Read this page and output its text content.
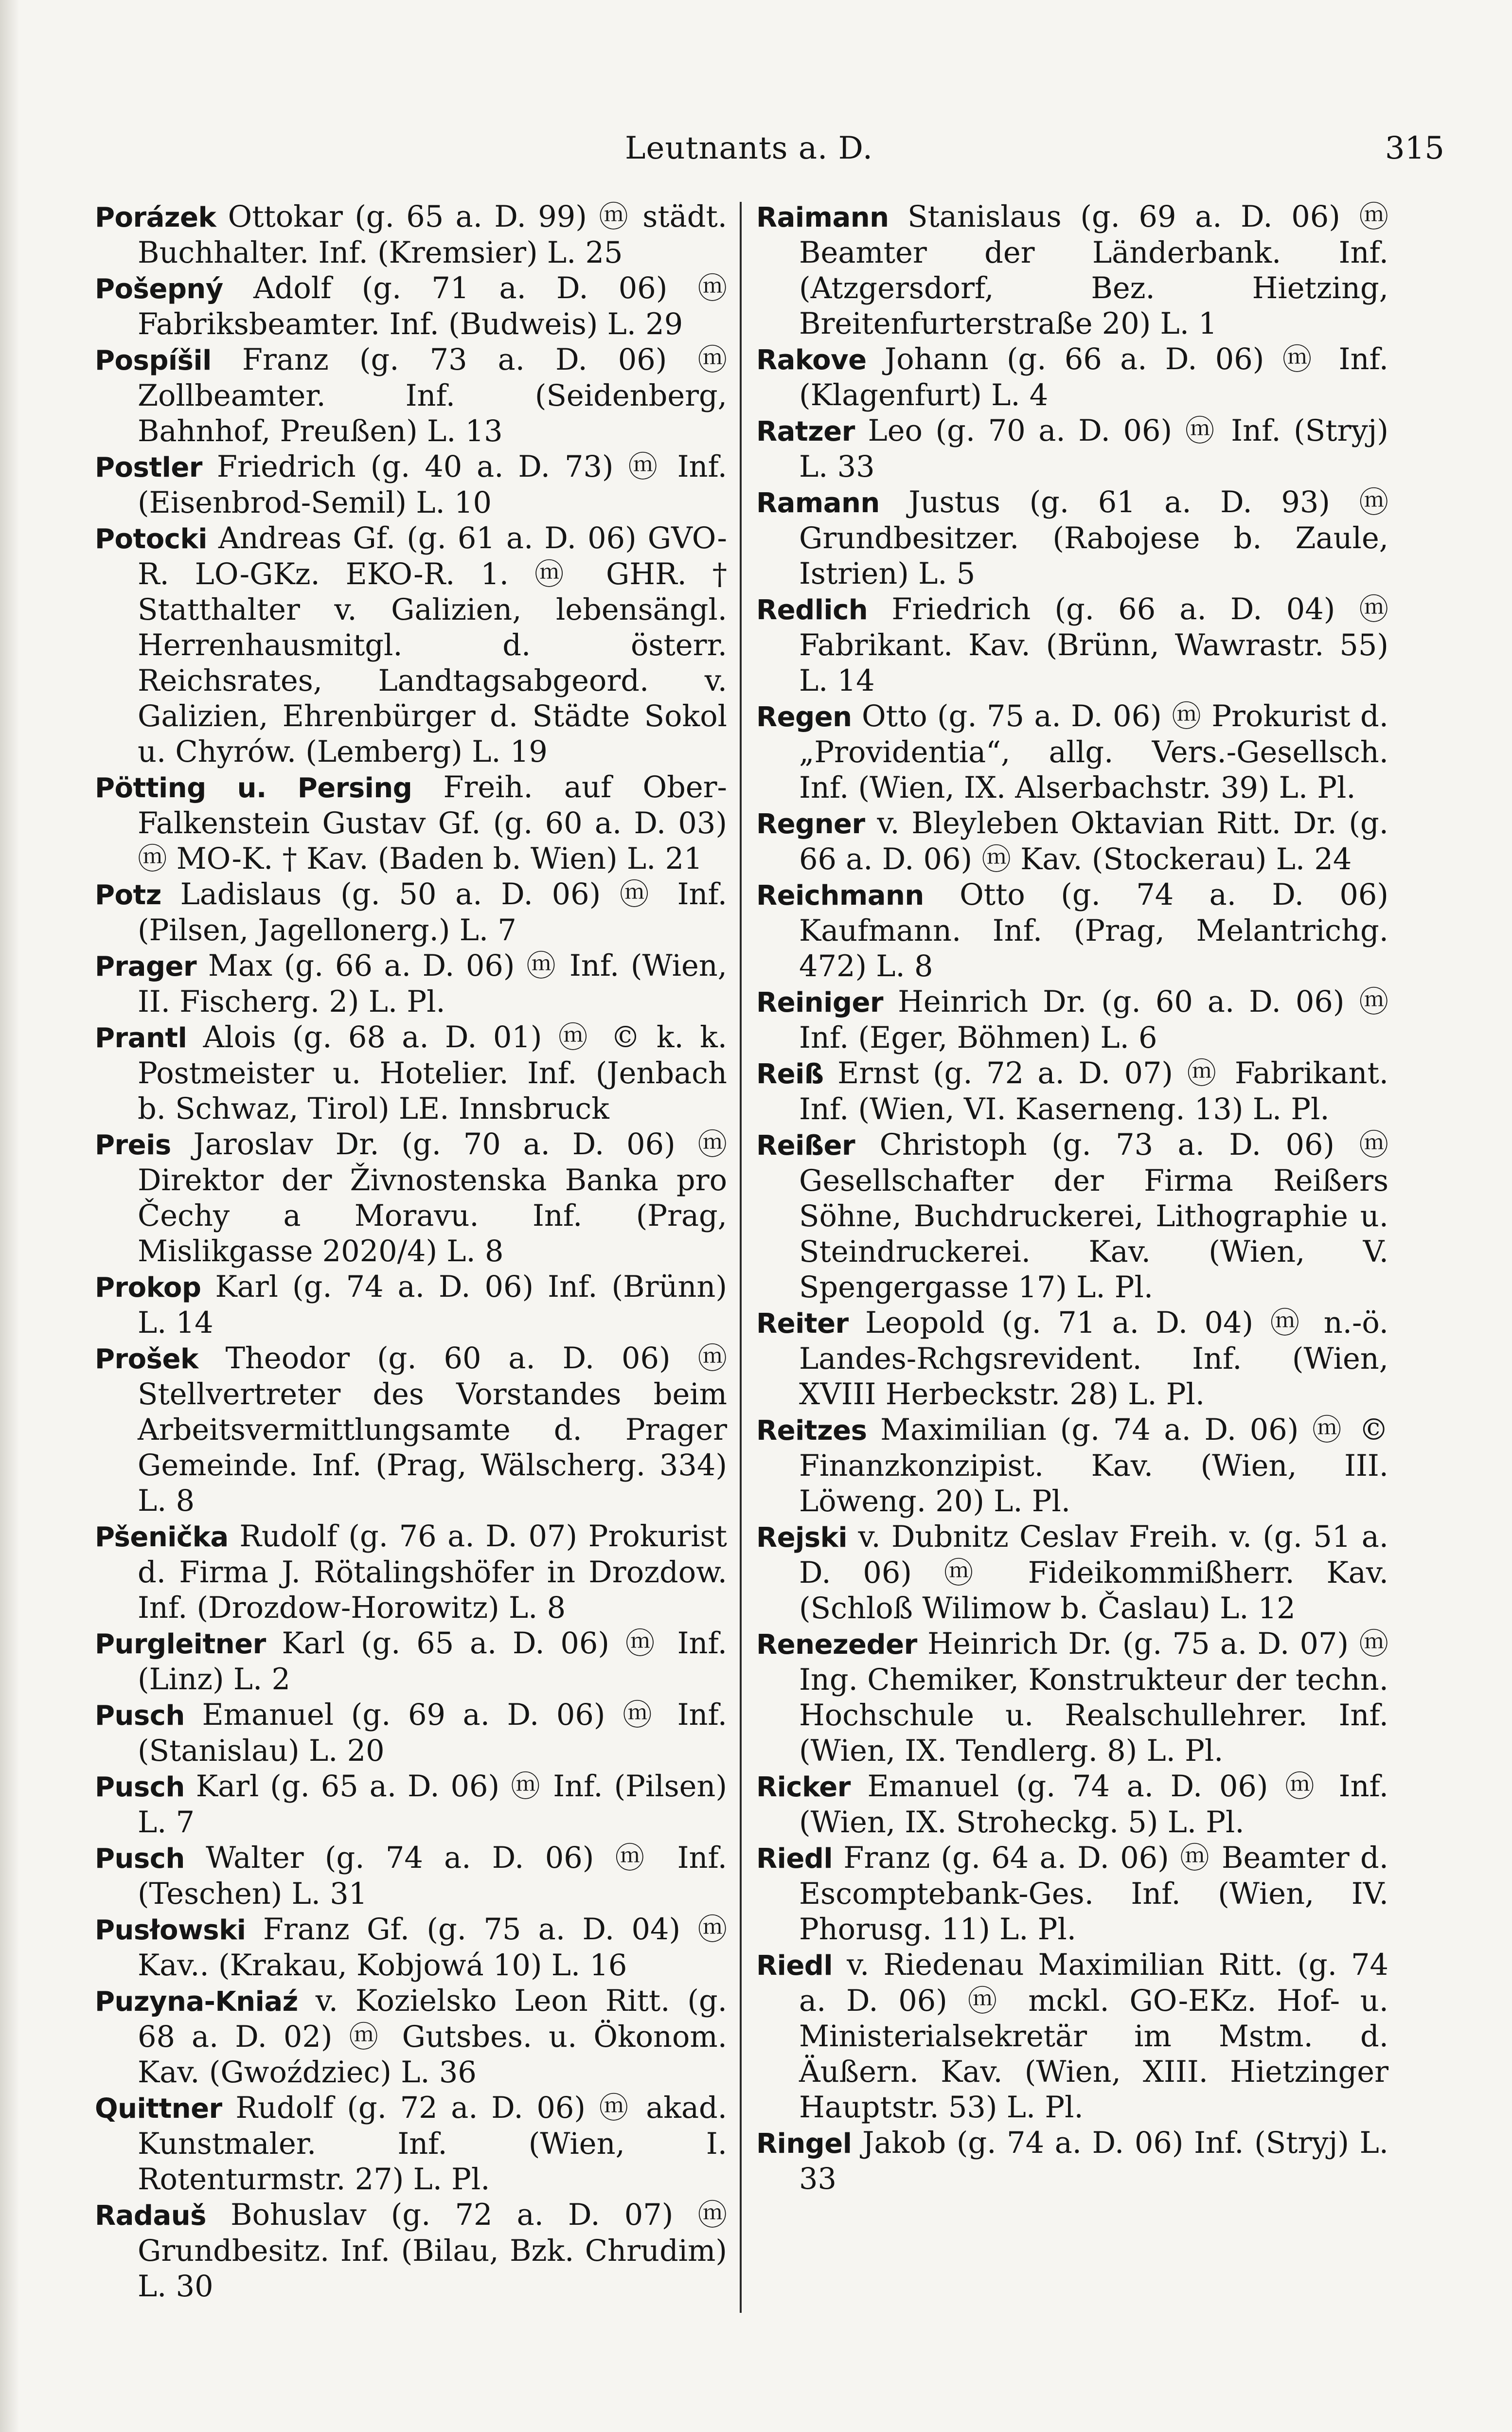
Leutnants a. D.	315

Porázek Ottokar (g. 65 a. D. 99) ⓜ städt. Buchhalter. Inf. (Kremsier) L. 25

Pošepný Adolf (g. 71 a. D. 06) ⓜ Fabriksbeamter. Inf. (Budweis) L. 29

Pospíšil Franz (g. 73 a. D. 06) ⓜ Zollbeamter. Inf. (Seidenberg, Bahnhof, Preußen) L. 13

Postler Friedrich (g. 40 a. D. 73) ⓜ Inf. (Eisenbrod-Semil) L. 10

Potocki Andreas Gf. (g. 61 a. D. 06) GVO-R. LO-GKz. EKO-R. 1. ⓜ GHR. † Statthalter v. Galizien, lebensängl. Herrenhausmitgl. d. österr. Reichsrates, Landtagsabgeord. v. Galizien, Ehrenbürger d. Städte Sokol u. Chyrów. (Lemberg) L. 19

Pötting u. Persing Freih. auf Ober-Falkenstein Gustav Gf. (g. 60 a. D. 03) ⓜ MO-K. † Kav. (Baden b. Wien) L. 21

Potz Ladislaus (g. 50 a. D. 06) ⓜ Inf. (Pilsen, Jagellonerg.) L. 7

Prager Max (g. 66 a. D. 06) ⓜ Inf. (Wien, II. Fischerg. 2) L. Pl.

Prantl Alois (g. 68 a. D. 01) ⓜ © k. k. Postmeister u. Hotelier. Inf. (Jenbach b. Schwaz, Tirol) LE. Innsbruck

Preis Jaroslav Dr. (g. 70 a. D. 06) ⓜ Direktor der Živnostenska Banka pro Čechy a Moravu. Inf. (Prag, Mislikgasse 2020/4) L. 8

Prokop Karl (g. 74 a. D. 06) Inf. (Brünn) L. 14

Prošek Theodor (g. 60 a. D. 06) ⓜ Stellvertreter des Vorstandes beim Arbeitsvermittlungsamte d. Prager Gemeinde. Inf. (Prag, Wälscherg. 334) L. 8

Pšenička Rudolf (g. 76 a. D. 07) Prokurist d. Firma J. Rötalingshöfer in Drozdow. Inf. (Drozdow-Horowitz) L. 8

Purgleitner Karl (g. 65 a. D. 06) ⓜ Inf. (Linz) L. 2

Pusch Emanuel (g. 69 a. D. 06) ⓜ Inf. (Stanislau) L. 20

Pusch Karl (g. 65 a. D. 06) ⓜ Inf. (Pilsen) L. 7

Pusch Walter (g. 74 a. D. 06) ⓜ Inf. (Teschen) L. 31

Pusłowski Franz Gf. (g. 75 a. D. 04) ⓜ Kav.. (Krakau, Kobjowá 10) L. 16

Puzyna-Kniaź v. Kozielsko Leon Ritt. (g. 68 a. D. 02) ⓜ Gutsbes. u. Ökonom. Kav. (Gwoździec) L. 36

Quittner Rudolf (g. 72 a. D. 06) ⓜ akad. Kunstmaler. Inf. (Wien, I. Rotenturmstr. 27) L. Pl.

Radauš Bohuslav (g. 72 a. D. 07) ⓜ Grundbesitz. Inf. (Bilau, Bzk. Chrudim) L. 30

Raimann Stanislaus (g. 69 a. D. 06) ⓜ Beamter der Länderbank. Inf. (Atzgersdorf, Bez. Hietzing, Breitenfurterstraße 20) L. 1

Rakove Johann (g. 66 a. D. 06) ⓜ Inf. (Klagenfurt) L. 4

Ratzer Leo (g. 70 a. D. 06) ⓜ Inf. (Stryj) L. 33

Ramann Justus (g. 61 a. D. 93) ⓜ Grundbesitzer. (Rabojese b. Zaule, Istrien) L. 5

Redlich Friedrich (g. 66 a. D. 04) ⓜ Fabrikant. Kav. (Brünn, Wawrastr. 55) L. 14

Regen Otto (g. 75 a. D. 06) ⓜ Prokurist d. „Providentia“, allg. Vers.-Gesellsch. Inf. (Wien, IX. Alserbachstr. 39) L. Pl.

Regner v. Bleyleben Oktavian Ritt. Dr. (g. 66 a. D. 06) ⓜ Kav. (Stockerau) L. 24

Reichmann Otto (g. 74 a. D. 06) Kaufmann. Inf. (Prag, Melantrichg. 472) L. 8

Reiniger Heinrich Dr. (g. 60 a. D. 06) ⓜ Inf. (Eger, Böhmen) L. 6

Reiß Ernst (g. 72 a. D. 07) ⓜ Fabrikant. Inf. (Wien, VI. Kaserneng. 13) L. Pl.

Reißer Christoph (g. 73 a. D. 06) ⓜ Gesellschafter der Firma Reißers Söhne, Buchdruckerei, Lithographie u. Steindruckerei. Kav. (Wien, V. Spengergasse 17) L. Pl.

Reiter Leopold (g. 71 a. D. 04) ⓜ n.-ö. Landes-Rchgsrevident. Inf. (Wien, XVIII Herbeckstr. 28) L. Pl.

Reitzes Maximilian (g. 74 a. D. 06) ⓜ © Finanzkonzipist. Kav. (Wien, III. Löweng. 20) L. Pl.

Rejski v. Dubnitz Ceslav Freih. v. (g. 51 a. D. 06) ⓜ Fideikommißherr. Kav. (Schloß Wilimow b. Časlau) L. 12

Renezeder Heinrich Dr. (g. 75 a. D. 07) ⓜ Ing. Chemiker, Konstrukteur der techn. Hochschule u. Realschullehrer. Inf. (Wien, IX. Tendlerg. 8) L. Pl.

Ricker Emanuel (g. 74 a. D. 06) ⓜ Inf. (Wien, IX. Stroheckg. 5) L. Pl.

Riedl Franz (g. 64 a. D. 06) ⓜ Beamter d. Escomptebank-Ges. Inf. (Wien, IV. Phorusg. 11) L. Pl.

Riedl v. Riedenau Maximilian Ritt. (g. 74 a. D. 06) ⓜ mckl. GO-EKz. Hof- u. Ministerialsekretär im Mstm. d. Äußern. Kav. (Wien, XIII. Hietzinger Hauptstr. 53) L. Pl.

Ringel Jakob (g. 74 a. D. 06) Inf. (Stryj) L. 33
